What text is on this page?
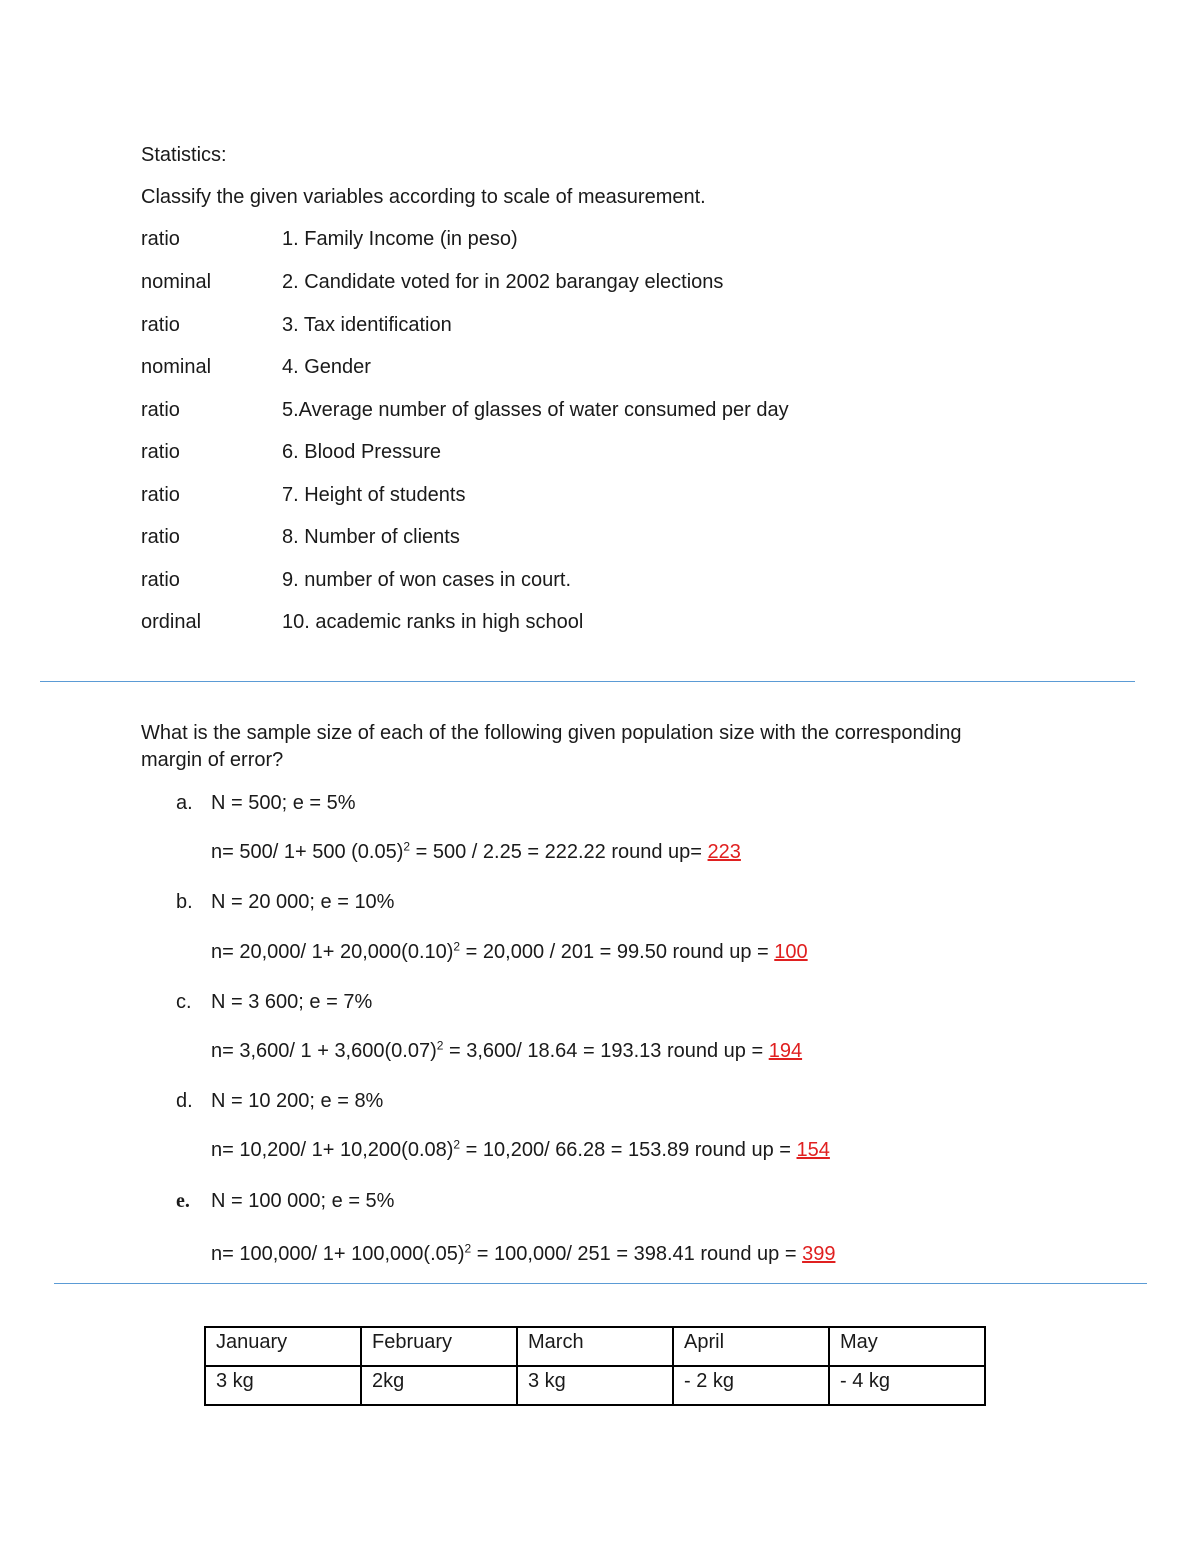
Statistics:
Classify the given variables according to scale of measurement.
ratio	1. Family Income (in peso)
nominal	2. Candidate voted for in 2002 barangay elections
ratio	3. Tax identification
nominal	4. Gender
ratio	5.Average number of glasses of water consumed per day
ratio	6. Blood Pressure
ratio	7. Height of students
ratio	8. Number of clients
ratio	9. number of won cases in court.
ordinal	10. academic ranks in high school
What is the sample size of each of the following given population size with the corresponding
margin of error?
a. N = 500; e = 5%
n= 500/ 1+ 500 $(0.05)^2 = 500 / 2.25 = 222.22$ round up= 223
b. N = 20 000; e = 10%
n= 20,000/ $1+ 20,000(0.10)^2 = 20,000 / 201 = 99.50$ round up = 100
c. N = 3 600; e = 7%
n= 3,600/ $1 + 3,600(0.07)^2 = 3,600/$ 18.64 = 193.13 round up = 194
d. N = 10 200; e = 8%
n= 10,200/ $1+ 10,200(0.08)^2 = 10,200/$ 66.28 = 153.89 round up = 154
e. N = 100 000; e = 5%
n= 100,000/ $1+ 100,000(.05)^2 = 100,000/$ 251 = 398.41 round up = 399
January	February	March	April	May
3 kg	2kg	3 kg	- 2 kg	- 4 kg
